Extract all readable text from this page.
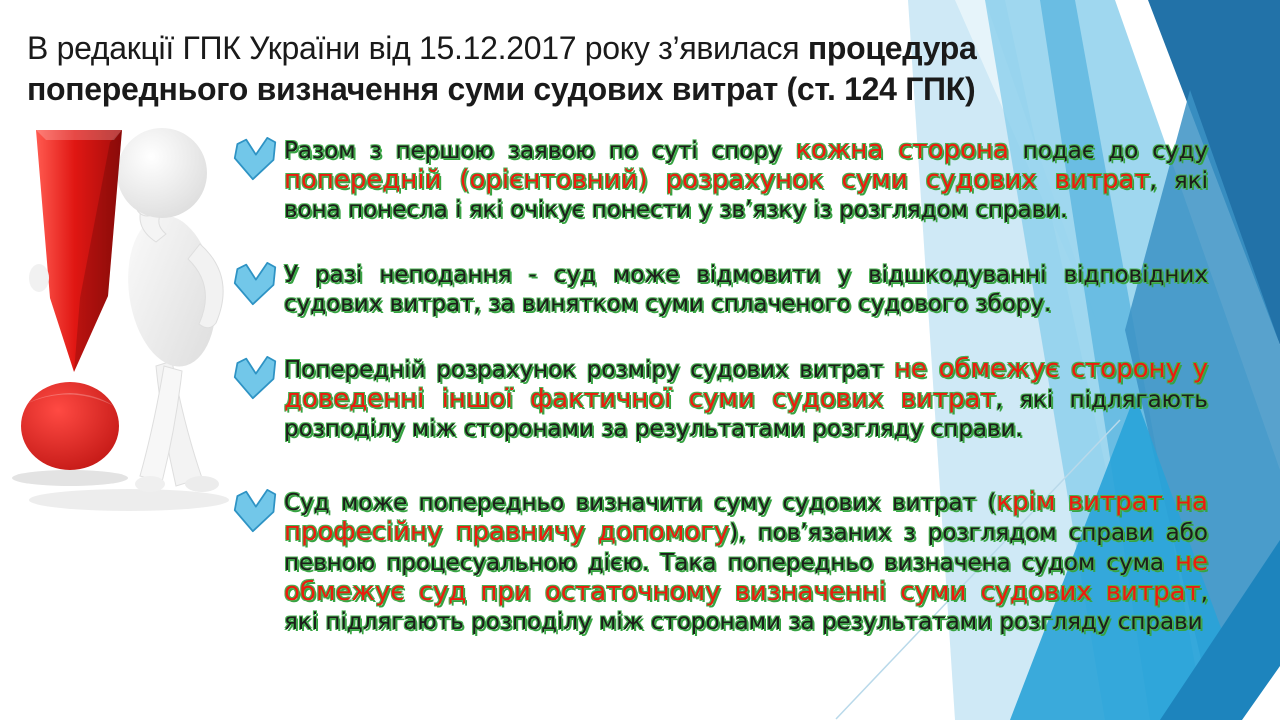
В редакції ГПК України від 15.12.2017 року з’явилася процедура попереднього визначення суми судових витрат (ст. 124 ГПК)
Разом з першою заявою по суті спору кожна сторона подає до суду попередній (орієнтовний) розрахунок суми судових витрат, які вона понесла і які очікує понести у зв’язку із розглядом справи.
У разі неподання - суд може відмовити у відшкодуванні відповідних судових витрат, за винятком суми сплаченого судового збору.
Попередній розрахунок розміру судових витрат не обмежує сторону у доведенні іншої фактичної суми судових витрат, які підлягають розподілу між сторонами за результатами розгляду справи.
Суд може попередньо визначити суму судових витрат (крім витрат на професійну правничу допомогу), пов’язаних з розглядом справи або певною процесуальною дією. Така попередньо визначена судом сума не обмежує суд при остаточному визначенні суми судових витрат, які підлягають розподілу між сторонами за результатами розгляду справи
